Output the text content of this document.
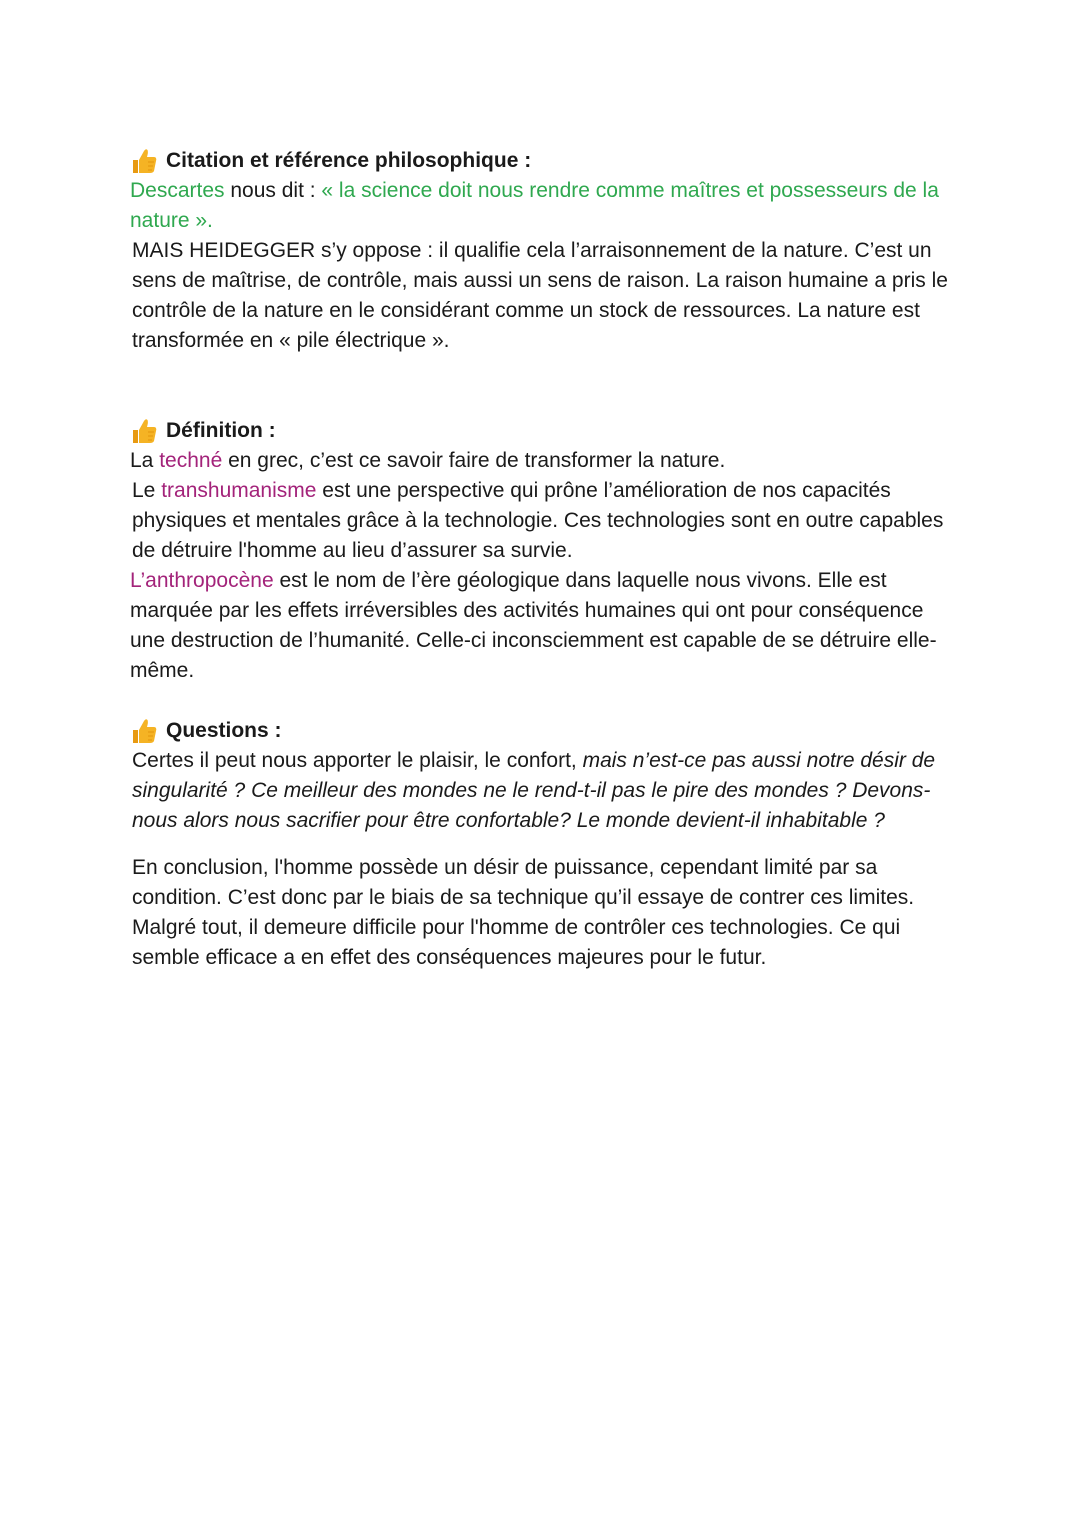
Citation et référence philosophique :

Descartes nous dit : « la science doit nous rendre comme maîtres et possesseurs de la nature ».

MAIS HEIDEGGER s’y oppose : il qualifie cela l’arraisonnement de la nature. C’est un sens de maîtrise, de contrôle, mais aussi un sens de raison. La raison humaine a pris le contrôle de la nature en le considérant comme un stock de ressources. La nature est transformée en « pile électrique ».

Définition :

La techné en grec, c’est ce savoir faire de transformer la nature.

Le transhumanisme est une perspective qui prône l’amélioration de nos capacités physiques et mentales grâce à la technologie. Ces technologies sont en outre capables de détruire l'homme au lieu d’assurer sa survie.

L’anthropocène est le nom de l’ère géologique dans laquelle nous vivons. Elle est marquée par les effets irréversibles des activités humaines qui ont pour conséquence une destruction de l’humanité. Celle-ci inconsciemment est capable de se détruire elle-même.

Questions :

Certes il peut nous apporter le plaisir, le confort, mais n’est-ce pas aussi notre désir de singularité ? Ce meilleur des mondes ne le rend-t-il pas le pire des mondes ? Devons-nous alors nous sacrifier pour être confortable? Le monde devient-il inhabitable ?

En conclusion, l'homme possède un désir de puissance, cependant limité par sa condition. C’est donc par le biais de sa technique qu’il essaye de contrer ces limites. Malgré tout, il demeure difficile pour l'homme de contrôler ces technologies. Ce qui semble efficace a en effet des conséquences majeures pour le futur.
